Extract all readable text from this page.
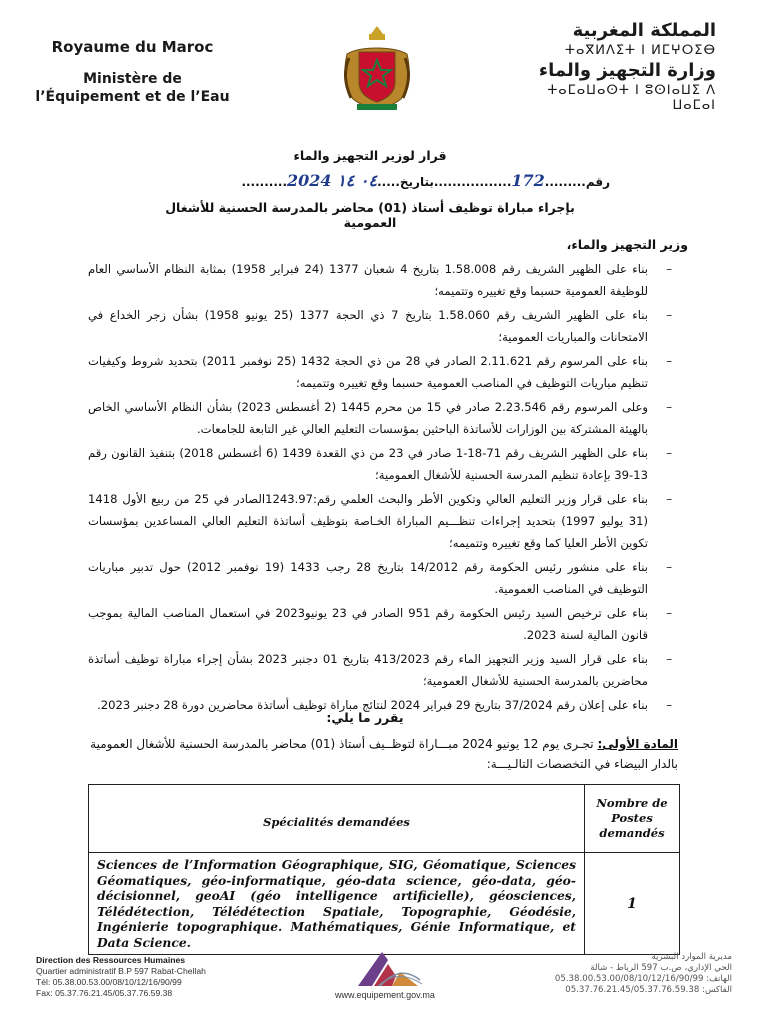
Royaume du Maroc
Ministère de
l’Équipement et de l’Eau
المملكة المغربية
ⵜⴰⴳⵍⴷⵉⵜ ⵏ ⵍⵎⵖⵔⵉⴱ
وزارة التجهيز والماء
ⵜⴰⵎⴰⵡⴰⵙⵜ ⵏ ⵓⵙⵏⴰⵡⵉ ⴷ ⵡⴰⵎⴰⵏ
قرار لوزير التجهيز والماء
رقم.........172.................بتاريخ.....2024 ٠٤ ١٤..........
بإجراء مباراة توظيف أستاذ (01) محاضر بالمدرسة الحسنية للأشغال العمومية
وزير التجهيز والماء،
–
بناء على الظهير الشريف رقم 1.58.008 بتاريخ 4 شعبان 1377 (24 فبراير 1958) بمثابة النظام الأساسي العام للوظيفة العمومية حسبما وقع تغييره وتتميمه؛
–
بناء على الظهير الشريف رقم 1.58.060 بتاريخ 7 ذي الحجة 1377 (25 يونيو 1958) بشأن زجر الخداع في الامتحانات والمباريات العمومية؛
–
بناء على المرسوم رقم 2.11.621 الصادر في 28 من ذي الحجة 1432 (25 نوفمبر 2011) بتحديد شروط وكيفيات تنظيم مباريات التوظيف في المناصب العمومية حسبما وقع تغييره وتتميمه؛
–
وعلى المرسوم رقم 2.23.546 صادر في 15 من محرم 1445 (2 أغسطس 2023) بشأن النظام الأساسي الخاص بالهيئة المشتركة بين الوزارات للأساتذة الباحثين بمؤسسات التعليم العالي غير التابعة للجامعات.
–
بناء على الظهير الشريف رقم 71-18-1 صادر في 23 من ذي القعدة 1439 (6 أغسطس 2018) بتنفيذ القانون رقم 13-39 بإعادة تنظيم المدرسة الحسنية للأشغال العمومية؛
–
بناء على قرار وزير التعليم العالي وتكوين الأطر والبحث العلمي رقم:1243.97الصادر في 25 من ربيع الأول 1418 (31 يوليو 1997) بتحديد إجراءات تنظـــيم المباراة الخـاصة بتوظيف أساتذة التعليم العالي المساعدين بمؤسسات تكوين الأطر العليا كما وقع تغييره وتتميمه؛
–
بناء على منشور رئيس الحكومة رقم 14/2012 بتاريخ 28 رجب 1433 (19 نوفمبر 2012) حول تدبير مباريات التوظيف في المناصب العمومية.
–
بناء على ترخيص السيد رئيس الحكومة رقم 951 الصادر في 23 يونيو2023 في استعمال المناصب المالية بموجب قانون المالية لسنة 2023.
–
بناء على قرار السيد وزير التجهيز الماء رقم 413/2023 بتاريخ 01 دجنبر 2023 بشأن إجراء مباراة توظيف أساتذة محاضرين بالمدرسة الحسنية للأشغال العمومية؛
–
بناء على إعلان رقم 37/2024 بتاريخ 29 فبراير 2024 لنتائج مباراة توظيف أساتذة محاضرين دورة 28 دجنبر 2023.
يقرر ما يلي:
المادة الأولى: تجـرى يوم 12 يونيو 2024 مبـــاراة لتوظــيف أستاذ (01) محاضر بالمدرسة الحسنية للأشغال العمومية بالدار البيضاء في التخصصات التالـيـــة:
Spécialités demandées	Nombre de Postes demandés
Sciences de l’Information Géographique, SIG, Géomatique, Sciences Géomatiques, géo-informatique, géo-data science, géo-data, géo-décisionnel, geoAI (géo intelligence artificielle), géosciences, Télédétection, Télédétection Spatiale, Topographie, Géodésie, Ingénierie topographique. Mathématiques, Génie Informatique, et Data Science.	1
Direction des Ressources Humaines
Quartier administratif B.P 597 Rabat-Chellah
Tél: 05.38.00.53.00/08/10/12/16/90/99
Fax: 05.37.76.21.45/05.37.76.59.38	www.equipement.gov.ma
مديرية الموارد البشرية
الحي الإداري، ص.ب 597 الرباط - شالة
الهاتف: 05.38.00.53.00/08/10/12/16/90/99
الفاكس: 05.37.76.21.45/05.37.76.59.38
